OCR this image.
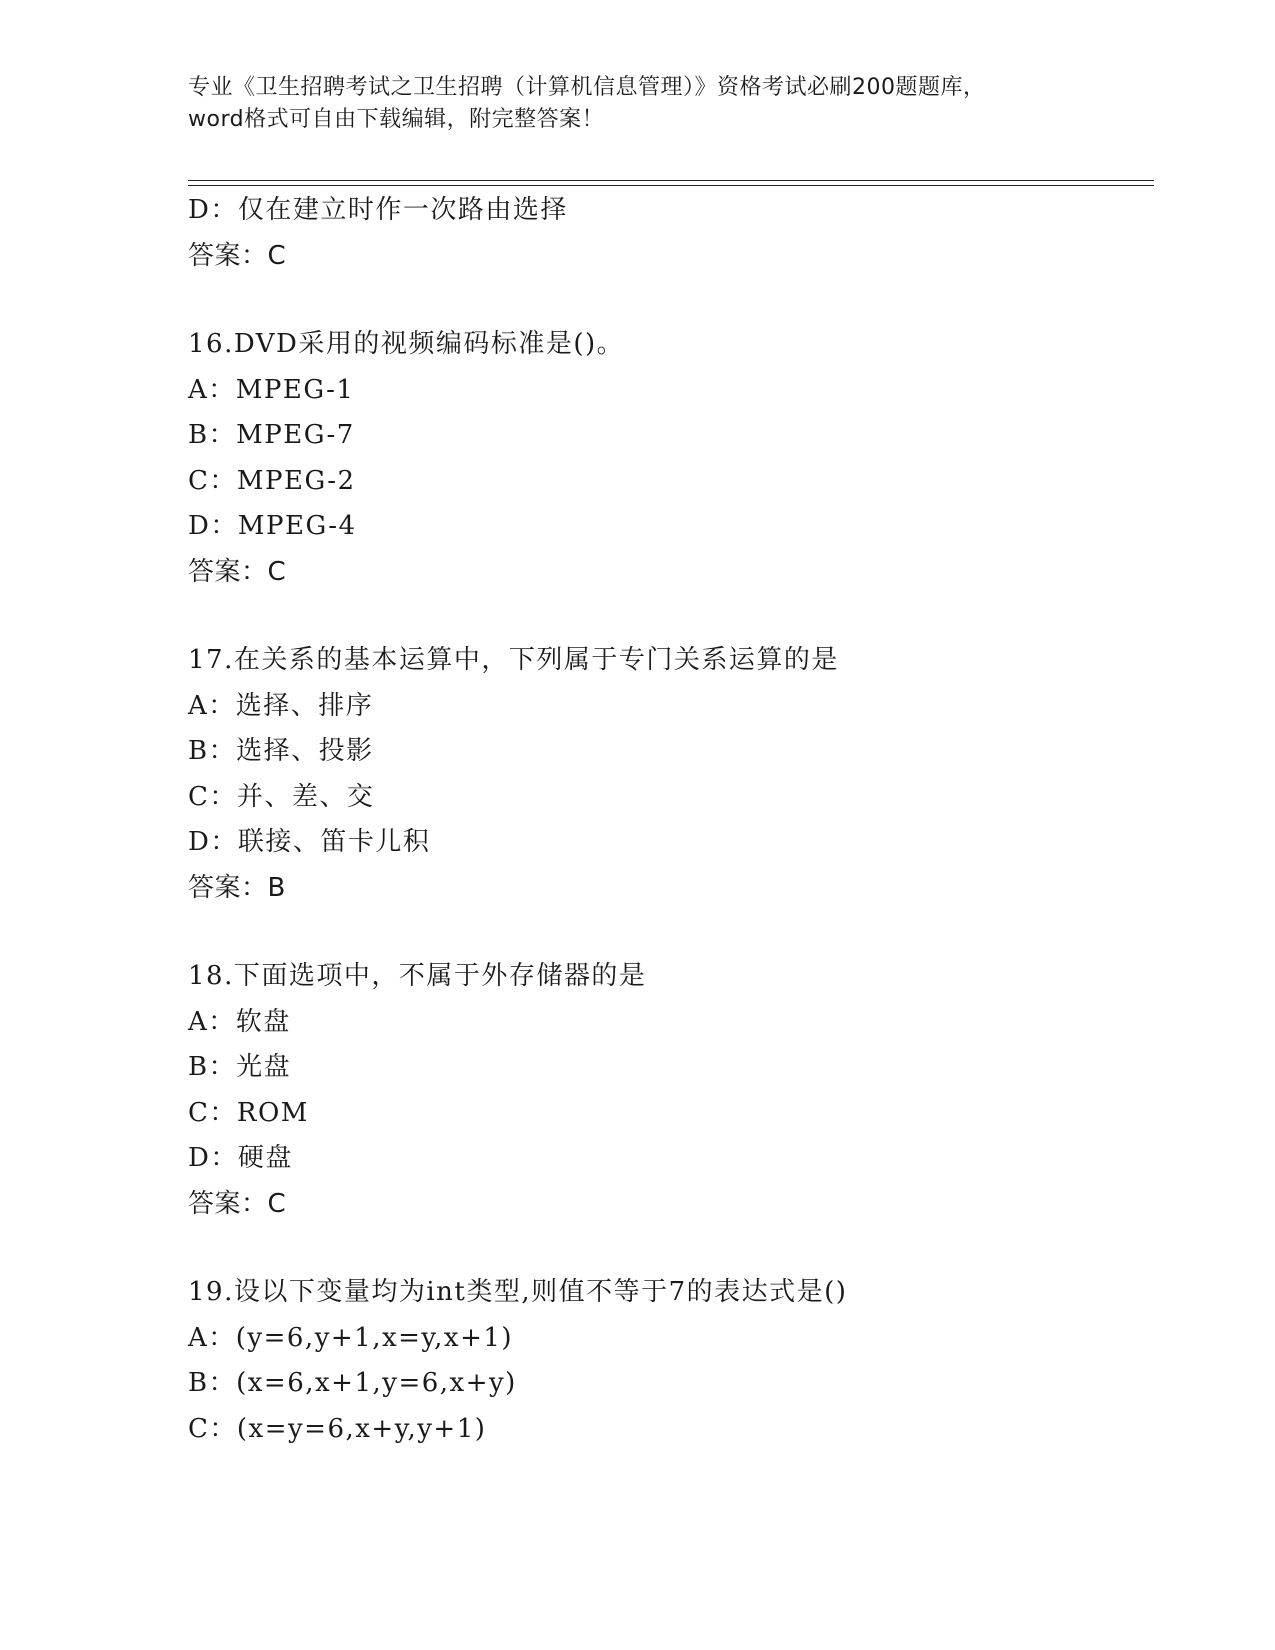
专业《卫生招聘考试之卫生招聘（计算机信息管理）》资格考试必刷200题题库，
word格式可自由下载编辑，附完整答案！
D：仅在建立时作一次路由选择
答案：C
16.DVD采用的视频编码标准是()。
A：MPEG-1
B：MPEG-7
C：MPEG-2
D：MPEG-4
答案：C
17.在关系的基本运算中，下列属于专门关系运算的是
A：选择、排序
B：选择、投影
C：并、差、交
D：联接、笛卡儿积
答案：B
18.下面选项中，不属于外存储器的是
A：软盘
B：光盘
C：ROM
D：硬盘
答案：C
19.设以下变量均为int类型,则值不等于7的表达式是()
A：(y=6,y+1,x=y,x+1)
B：(x=6,x+1,y=6,x+y)
C：(x=y=6,x+y,y+1)
